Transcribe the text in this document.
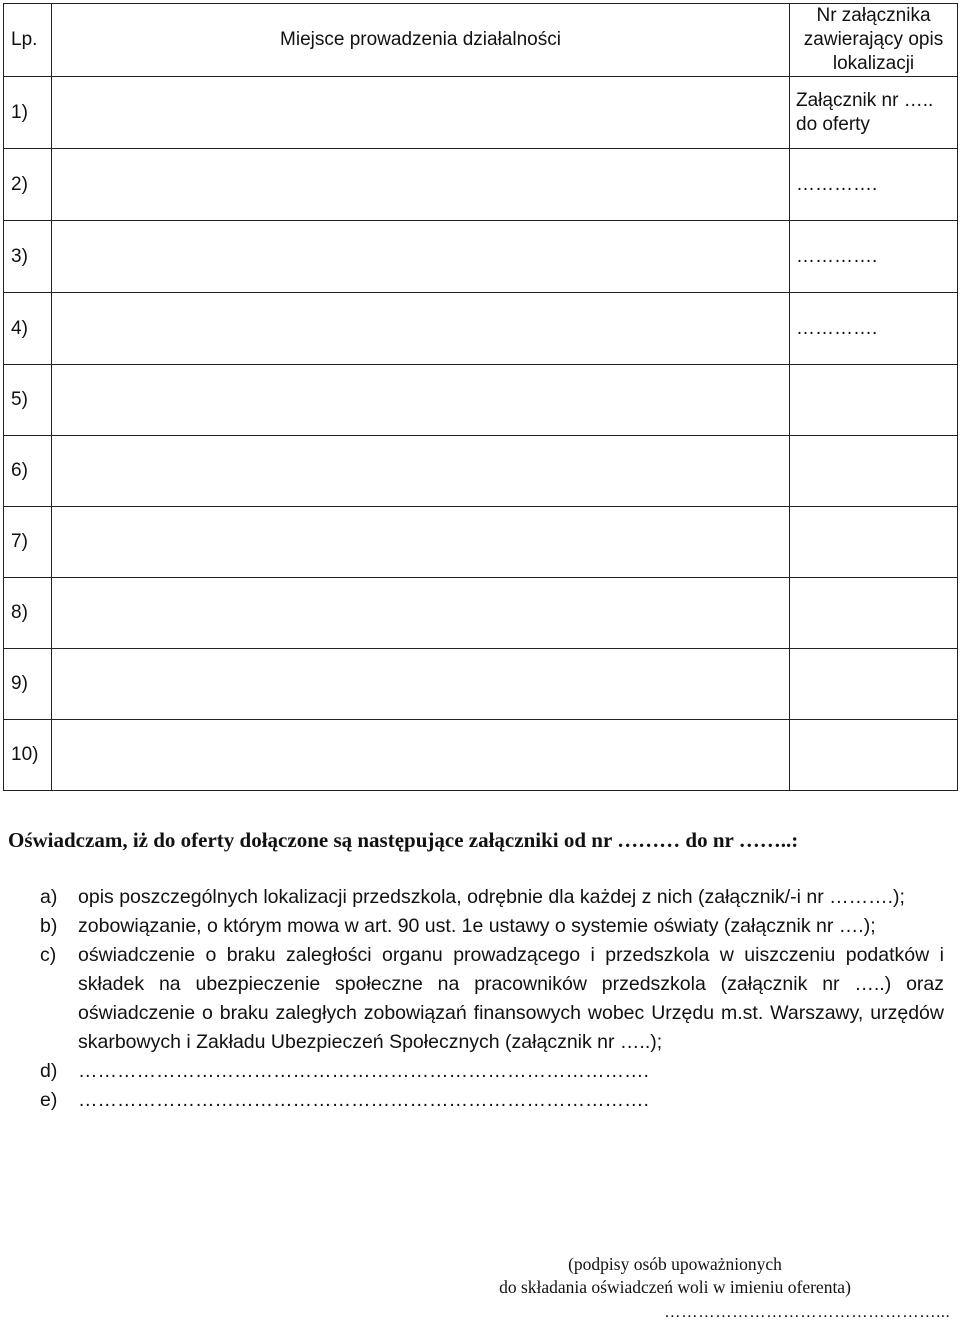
Lp.	Miejsce prowadzenia działalności	Nr załącznika zawierający opis lokalizacji
1)		Załącznik nr ….. do oferty
2)		………….
3)		………….
4)		………….
5)		
6)		
7)		
8)		
9)		
10)		
Oświadczam, iż do oferty dołączone są następujące załączniki od nr ……… do nr ……..:
a) opis poszczególnych lokalizacji przedszkola, odrębnie dla każdej z nich (załącznik/-i nr ……….);
b) zobowiązanie, o którym mowa w art. 90 ust. 1e ustawy o systemie oświaty (załącznik nr ….);
c) oświadczenie o braku zaległości organu prowadzącego i przedszkola w uiszczeniu podatków i składek na ubezpieczenie społeczne na pracowników przedszkola (załącznik nr …..) oraz oświadczenie o braku zaległych zobowiązań finansowych wobec Urzędu m.st. Warszawy, urzędów skarbowych i Zakładu Ubezpieczeń Społecznych (załącznik nr …..);
d) …………………………………………………………………………….
e) …………………………………………………………………………….
(podpisy osób upoważnionych
do składania oświadczeń woli w imieniu oferenta)
…………………………………………...
